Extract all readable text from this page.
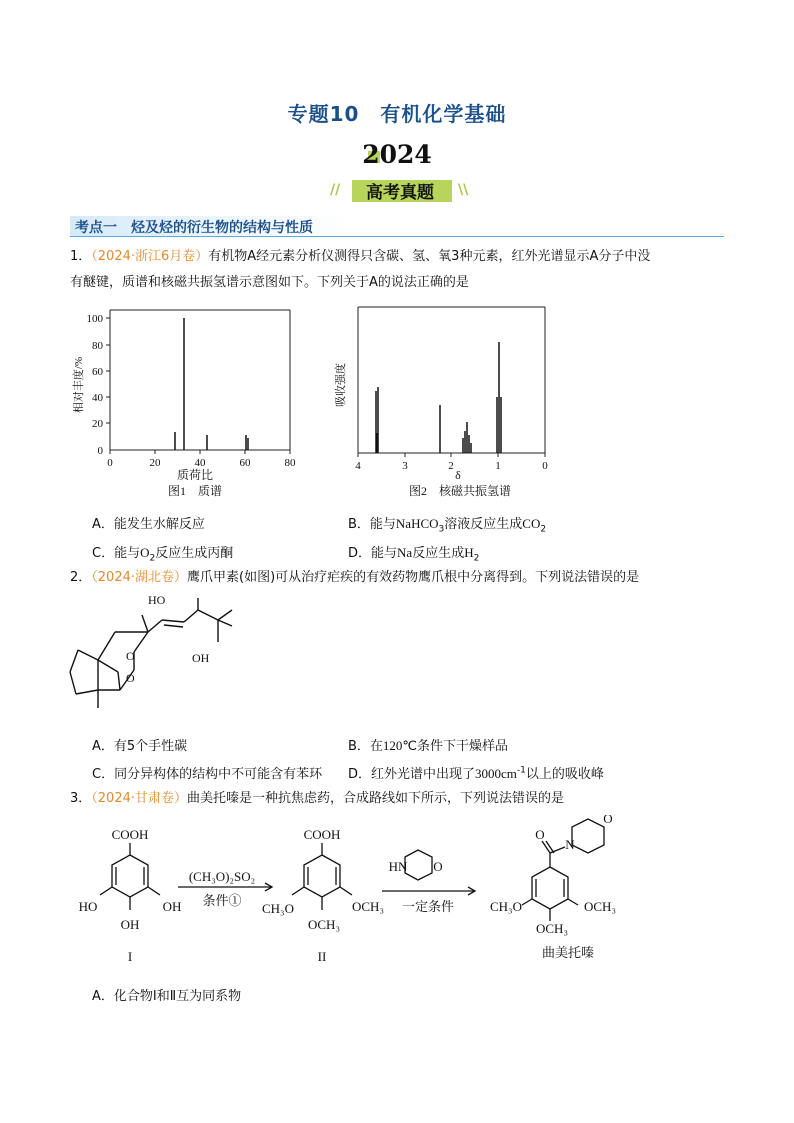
专题10　有机化学基础
2024
//	高考真题	\\
考点一　烃及烃的衍生物的结构与性质
1．（2024·浙江6月卷）有机物A经元素分析仪测得只含碳、氢、氧3种元素，红外光谱显示A分子中没
有醚键，质谱和核磁共振氢谱示意图如下。下列关于A的说法正确的是
100
80
60
40
20
0
0	20	40	60	80
质荷比
图1　质谱
相对丰度/%
4	3	2	1	0
δ
图2　核磁共振氢谱
吸收强度
A．能发生水解反应	B．能与NaHCO$_3$溶液反应生成$CO_2$
C．能与$O_2$反应生成丙酮	D．能与Na反应生成$H_2$
2．（2024·湖北卷）鹰爪甲素(如图)可从治疗疟疾的有效药物鹰爪根中分离得到。下列说法错误的是
HO
OH
O
O
A．有5个手性碳	B．在120℃条件下干燥样品
C．同分异构体的结构中不可能含有苯环 D．红外光谱中出现了$3000cm^{-1}$以上的吸收峰
3．（2024·甘肃卷）曲美托嗪是一种抗焦虑药，合成路线如下所示，下列说法错误的是
COOH
HO	OH
OH
I
(CH₃O)₂SO₂
条件①
COOH
CH₃O	OCH₃
OCH₃
II
HN O
一定条件
O
N
O
CH₃O	OCH₃
OCH₃
曲美托嗪
A．化合物Ⅰ和Ⅱ互为同系物
